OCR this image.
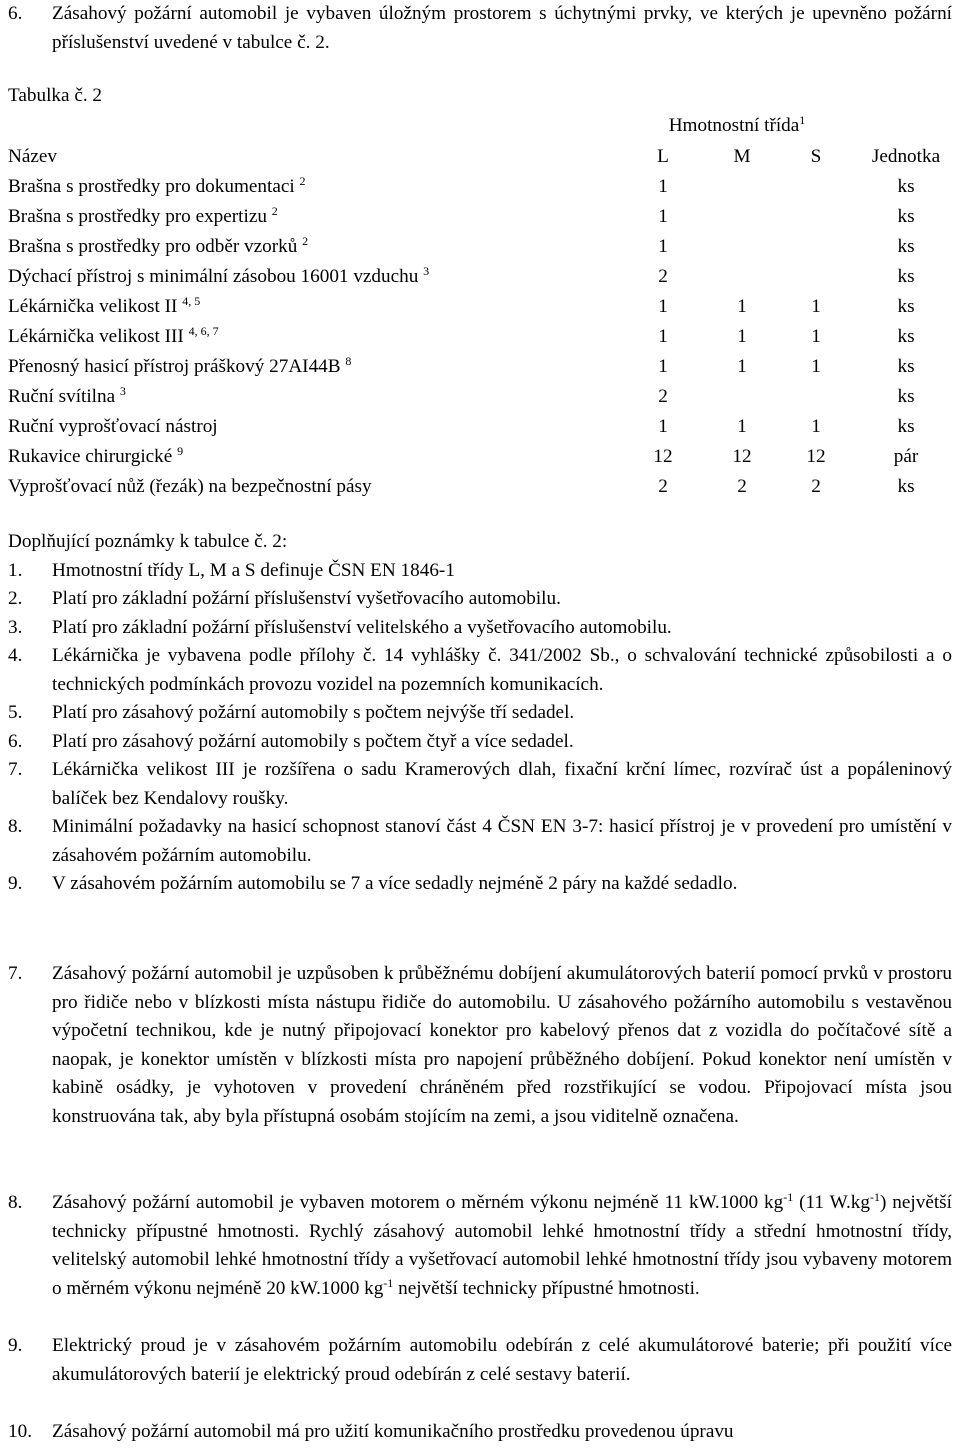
6.	Zásahový požární automobil je vybaven úložným prostorem s úchytnými prvky, ve kterých je upevněno požární příslušenství uvedené v tabulce č. 2.
Tabulka č. 2
	Hmotnostní třída$^1$	
Název	L	M	S	Jednotka
Brašna s prostředky pro dokumentaci $^2$	1			ks
Brašna s prostředky pro expertizu $^2$	1			ks
Brašna s prostředky pro odběr vzorků $^2$	1			ks
Dýchací přístroj s minimální zásobou 16001 vzduchu $^3$	2			ks
Lékárnička velikost II $^{4, 5}$	1	1	1	ks
Lékárnička velikost III $^{4, 6, 7}$	1	1	1	ks
Přenosný hasicí přístroj práškový 27AI44B $^8$	1	1	1	ks
Ruční svítilna $^3$	2			ks
Ruční vyprošťovací nástroj	1	1	1	ks
Rukavice chirurgické $^9$	12	12	12	pár
Vyprošťovací nůž (řezák) na bezpečnostní pásy	2	2	2	ks
Doplňující poznámky k tabulce č. 2:
1. Hmotnostní třídy L, M a S definuje ČSN EN 1846-1
2. Platí pro základní požární příslušenství vyšetřovacího automobilu.
3. Platí pro základní požární příslušenství velitelského a vyšetřovacího automobilu.
4. Lékárnička je vybavena podle přílohy č. 14 vyhlášky č. 341/2002 Sb., o schvalování technické způsobilosti a o technických podmínkách provozu vozidel na pozemních komunikacích.
5. Platí pro zásahový požární automobily s počtem nejvýše tří sedadel.
6. Platí pro zásahový požární automobily s počtem čtyř a více sedadel.
7. Lékárnička velikost III je rozšířena o sadu Kramerových dlah, fixační krční límec, rozvírač úst a popáleninový balíček bez Kendalovy roušky.
8. Minimální požadavky na hasicí schopnost stanoví část 4 ČSN EN 3-7: hasicí přístroj je v provedení pro umístění v zásahovém požárním automobilu.
9. V zásahovém požárním automobilu se 7 a více sedadly nejméně 2 páry na každé sedadlo.
7.	Zásahový požární automobil je uzpůsoben k průběžnému dobíjení akumulátorových baterií pomocí prvků v prostoru pro řidiče nebo v blízkosti místa nástupu řidiče do automobilu. U zásahového požárního automobilu s vestavěnou výpočetní technikou, kde je nutný připojovací konektor pro kabelový přenos dat z vozidla do počítačové sítě a naopak, je konektor umístěn v blízkosti místa pro napojení průběžného dobíjení. Pokud konektor není umístěn v kabině osádky, je vyhotoven v provedení chráněném před rozstřikující se vodou. Připojovací místa jsou konstruována tak, aby byla přístupná osobám stojícím na zemi, a jsou viditelně označena.
8.	Zásahový požární automobil je vybaven motorem o měrném výkonu nejméně 11 kW.1000 $kg^{-1}$ (11 $W.kg^{-1}$) největší technicky přípustné hmotnosti. Rychlý zásahový automobil lehké hmotnostní třídy a střední hmotnostní třídy, velitelský automobil lehké hmotnostní třídy a vyšetřovací automobil lehké hmotnostní třídy jsou vybaveny motorem o měrném výkonu nejméně 20 kW.1000 $kg^{-1}$ největší technicky přípustné hmotnosti.
9.	Elektrický proud je v zásahovém požárním automobilu odebírán z celé akumulátorové baterie; při použití více akumulátorových baterií je elektrický proud odebírán z celé sestavy baterií.
10.	Zásahový požární automobil má pro užití komunikačního prostředku provedenou úpravu
